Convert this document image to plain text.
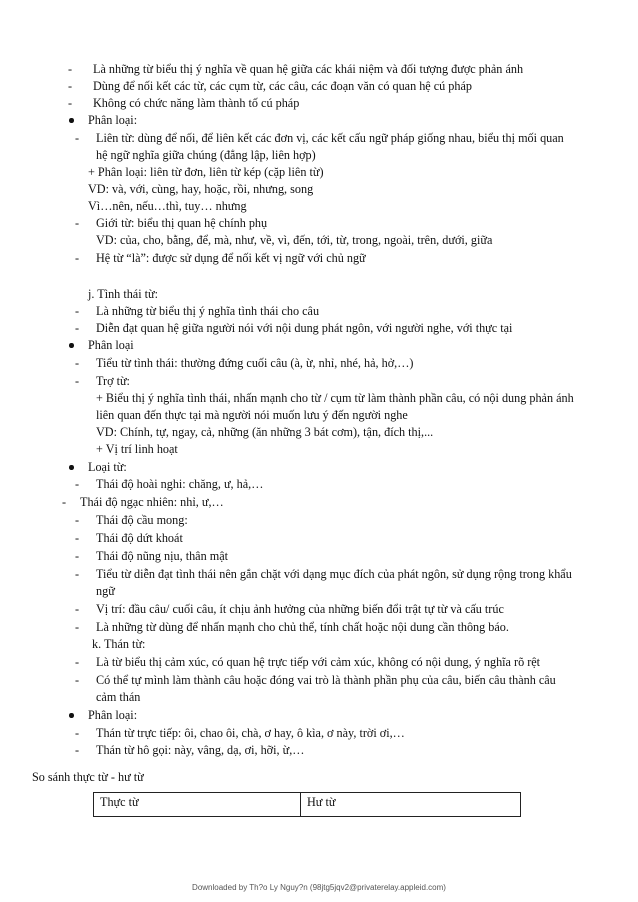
Là những từ biểu thị ý nghĩa về quan hệ giữa các khái niệm và đối tượng được phản ánh
Dùng để nối kết các từ, các cụm từ, các câu, các đoạn văn có quan hệ cú pháp
Không có chức năng làm thành tố cú pháp
Phân loại:
Liên từ: dùng để nối, để liên kết các đơn vị, các kết cấu ngữ pháp giống nhau, biểu thị mối quan
hệ ngữ nghĩa giữa chúng (đẳng lập, liên hợp)
+ Phân loại: liên từ đơn, liên từ kép (cặp liên từ)
VD: và, với, cùng, hay, hoặc, rồi, nhưng, song
Vì…nên, nếu…thì, tuy… nhưng
Giới từ: biểu thị quan hệ chính phụ
VD: của, cho, bằng, để, mà, như, về, vì, đến, tới, từ, trong, ngoài, trên, dưới, giữa
Hệ từ “là”: được sử dụng để nối kết vị ngữ với chủ ngữ
j. Tình thái từ:
Là những từ biểu thị ý nghĩa tình thái cho câu
Diễn đạt quan hệ giữa người nói với nội dung phát ngôn, với người nghe, với thực tại
Phân loại
Tiểu từ tình thái: thường đứng cuối câu (à, ừ, nhỉ, nhé, hả, hở,…)
Trợ từ:
+ Biểu thị ý nghĩa tình thái, nhấn mạnh cho từ / cụm từ làm thành phần câu, có nội dung phản ánh
liên quan đến thực tại mà người nói muốn lưu ý đến người nghe
VD: Chính, tự, ngay, cả, những (ăn những 3 bát cơm), tận, đích thị,...
+ Vị trí linh hoạt
Loại từ:
Thái độ hoài nghi: chăng, ư, hả,…
Thái độ ngạc nhiên: nhỉ, ư,…
Thái độ cầu mong:
Thái độ dứt khoát
Thái độ nũng nịu, thân mật
Tiểu từ diễn đạt tình thái nên gắn chặt với dạng mục đích của phát ngôn, sử dụng rộng trong khẩu
ngữ
Vị trí: đầu câu/ cuối câu, ít chịu ảnh hưởng của những biến đổi trật tự từ và cấu trúc
Là những từ dùng để nhấn mạnh cho chủ thể, tính chất hoặc nội dung cần thông báo.
k. Thán từ:
Là từ biểu thị cảm xúc, có quan hệ trực tiếp với cảm xúc, không có nội dung, ý nghĩa rõ rệt
Có thể tự mình làm thành câu hoặc đóng vai trò là thành phần phụ của câu, biến câu thành câu
cảm thán
Phân loại:
Thán từ trực tiếp: ôi, chao ôi, chà, ơ hay, ô kìa, ơ này, trời ơi,…
Thán từ hô gọi: này, vâng, dạ, ơi, hỡi, ừ,…
So sánh thực từ - hư từ
-
-
-
-
-
-
-
-
-
-
-
-
-
-
-
-
-
-
-
-
-
-
Thực từ	Hư từ
Downloaded by Th?o Ly Nguy?n (98jtg5jqv2@privaterelay.appleid.com)
